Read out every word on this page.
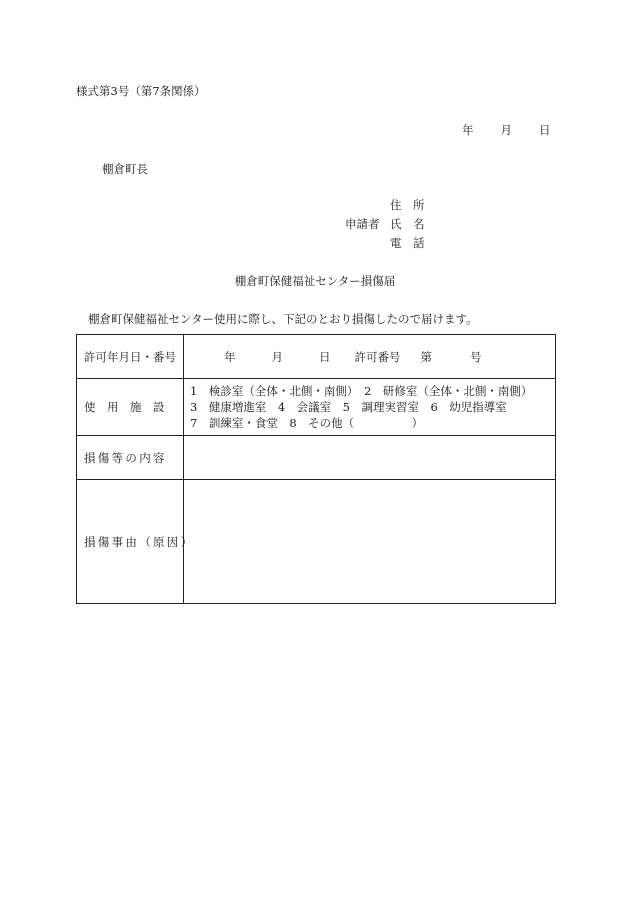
様式第3号（第7条関係）
年 月 日
棚倉町長
住　所
申請者 氏　名
電　話
棚倉町保健福祉センター損傷届
棚倉町保健福祉センター使用に際し、下記のとおり損傷したので届けます。
許可年月日・番号	年 月 日 許可番号 第 号
使　用　施　設	1　検診室（全体・北側・南側）　2　研修室（全体・北側・南側）
3　健康増進室　4　会議室　5　調理実習室　6　幼児指導室
7　訓練室・食堂　8　その他（　　　　　）

損傷等の内容	
損傷事由（原因）	
